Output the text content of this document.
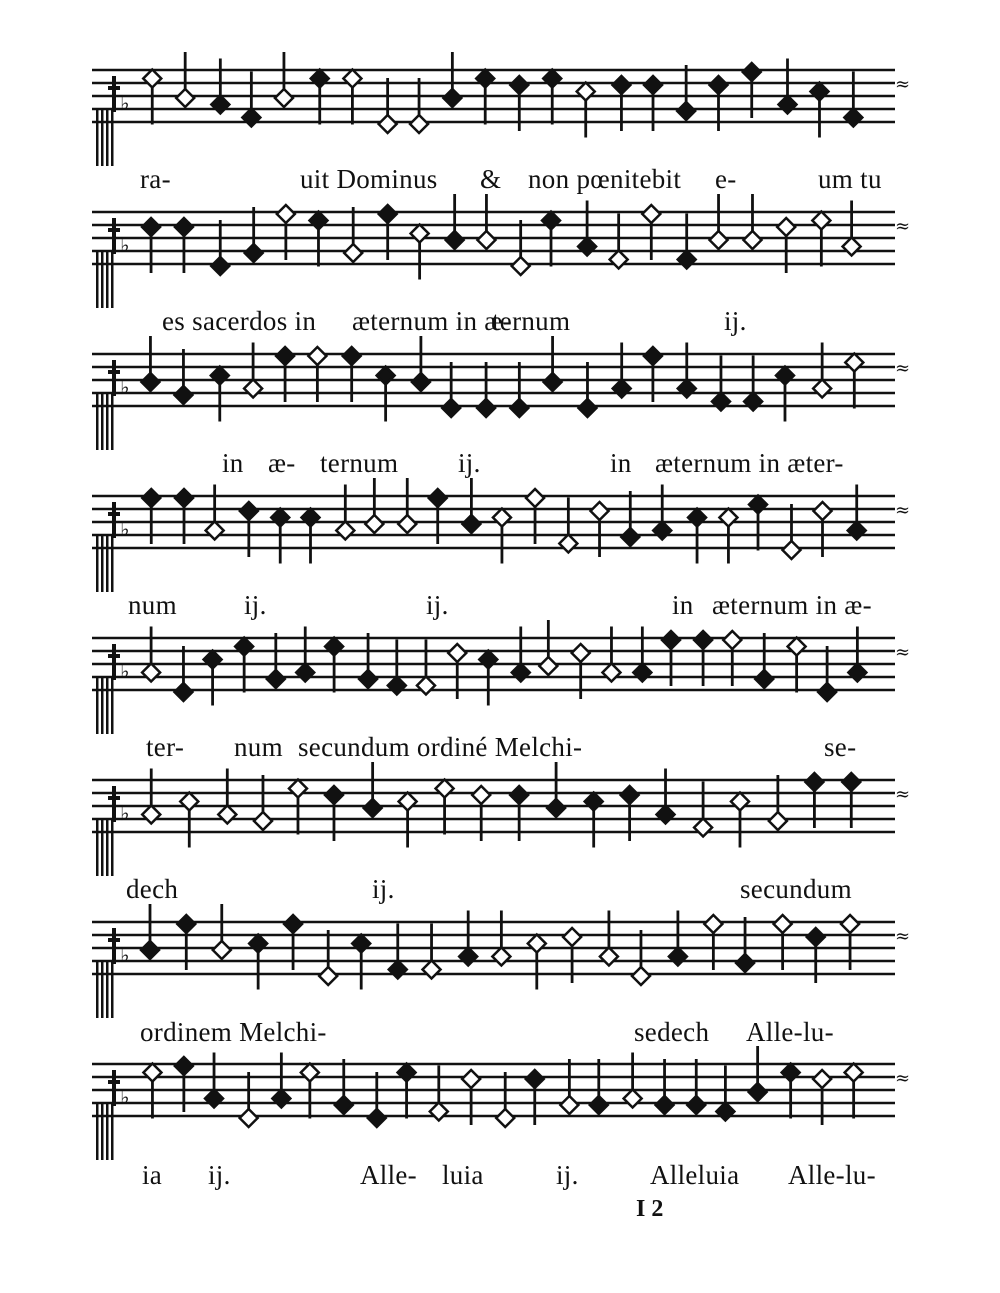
♭
≈
♭
≈
♭
≈
♭
≈
♭
≈
♭
≈
♭
≈
♭
≈
ra-	uit Dominus & non pœnitebit e-	um tu
es sacerdos in æternum in æ-
ternum	ij.
in æ- ternum ij.	in æternum in æter-
num ij.	ij.	in æternum in æ-
ter- num secundum ordiné Melchi-	se-
dech	ij.	secundum
ordinem Melchi-	sedech Alle-lu-
ia ij.	Alle- luia	ij.	Alleluia Alle-lu-
I 2
